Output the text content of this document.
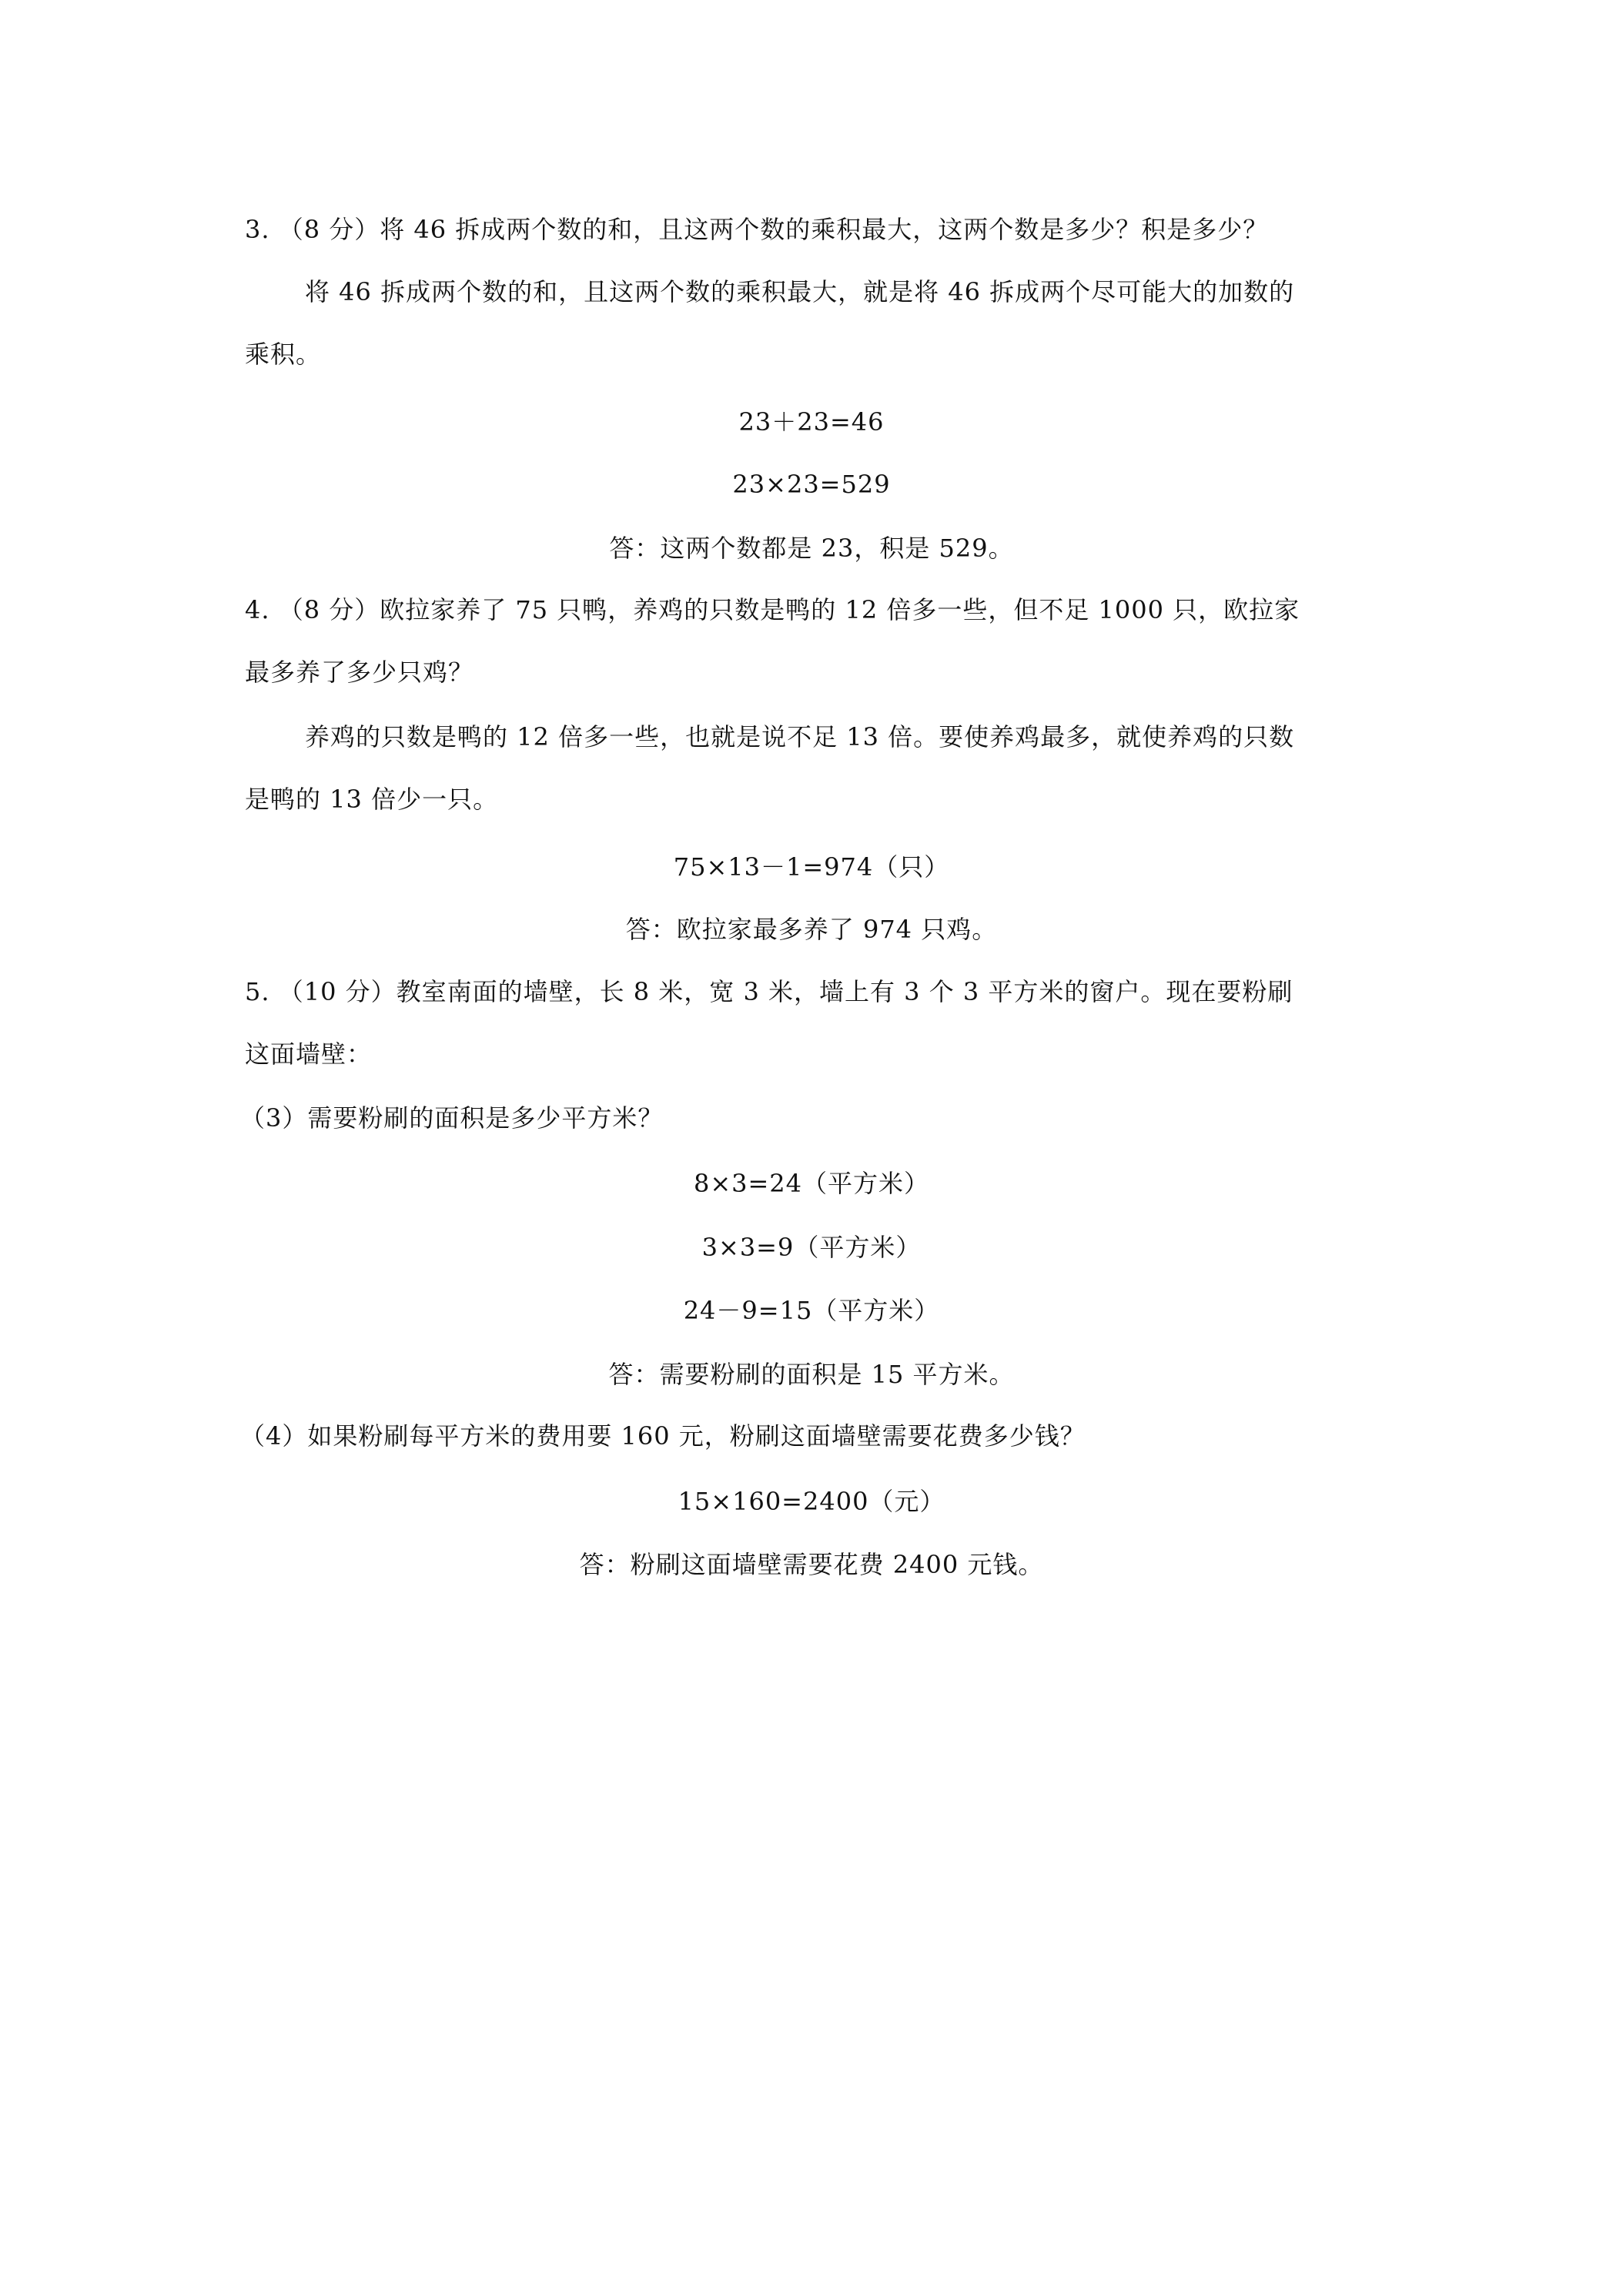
3. （8 分）将 46 拆成两个数的和，且这两个数的乘积最大，这两个数是多少？积是多少？
将 46 拆成两个数的和，且这两个数的乘积最大，就是将 46 拆成两个尽可能大的加数的
乘积。
23＋23=46
23×23=529
答：这两个数都是 23，积是 529。
4. （8 分）欧拉家养了 75 只鸭，养鸡的只数是鸭的 12 倍多一些，但不足 1000 只，欧拉家
最多养了多少只鸡？
养鸡的只数是鸭的 12 倍多一些，也就是说不足 13 倍。要使养鸡最多，就使养鸡的只数
是鸭的 13 倍少一只。
75×13－1=974（只）
答：欧拉家最多养了 974 只鸡。
5. （10 分）教室南面的墙壁，长 8 米，宽 3 米，墙上有 3 个 3 平方米的窗户。现在要粉刷
这面墙壁：
（3）需要粉刷的面积是多少平方米？
8×3=24（平方米）
3×3=9（平方米）
24－9=15（平方米）
答：需要粉刷的面积是 15 平方米。
（4）如果粉刷每平方米的费用要 160 元，粉刷这面墙壁需要花费多少钱？
15×160=2400（元）
答：粉刷这面墙壁需要花费 2400 元钱。
